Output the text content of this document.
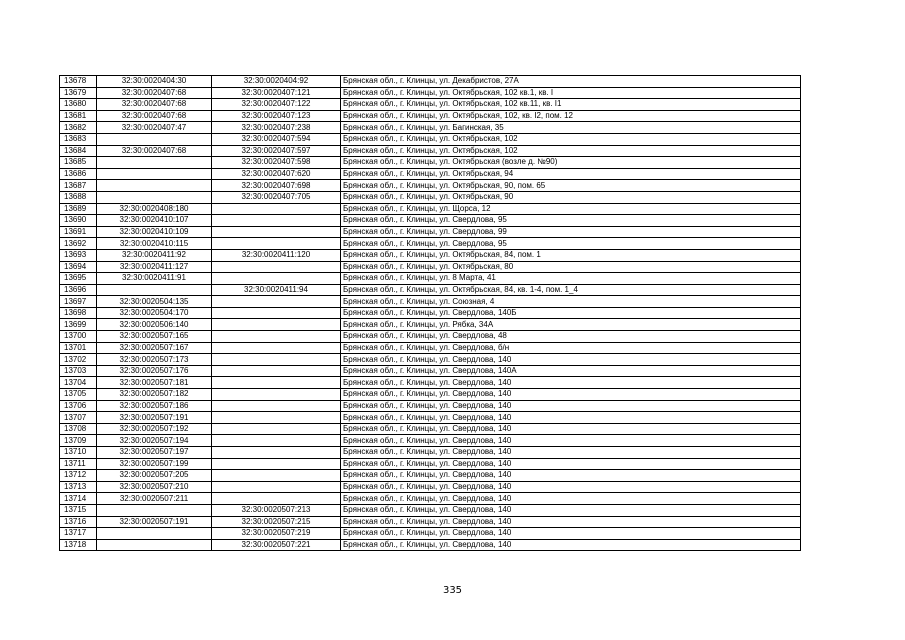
13678	32:30:0020404:30	32:30:0020404:92	Брянская обл., г. Клинцы, ул. Декабристов, 27А
13679	32:30:0020407:68	32:30:0020407:121	Брянская обл., г. Клинцы, ул. Октябрьская, 102 кв.1, кв. I
13680	32:30:0020407:68	32:30:0020407:122	Брянская обл., г. Клинцы, ул. Октябрьская, 102 кв.11, кв. I1
13681	32:30:0020407:68	32:30:0020407:123	Брянская обл., г. Клинцы, ул. Октябрьская, 102, кв. I2, пом. 12
13682	32:30:0020407:47	32:30:0020407:238	Брянская обл., г. Клинцы, ул. Багинская, 35
13683		32:30:0020407:594	Брянская обл., г. Клинцы, ул. Октябрьская, 102
13684	32:30:0020407:68	32:30:0020407:597	Брянская обл., г. Клинцы, ул. Октябрьская, 102
13685		32:30:0020407:598	Брянская обл., г. Клинцы, ул. Октябрьская (возле д. №90)
13686		32:30:0020407:620	Брянская обл., г. Клинцы, ул. Октябрьская, 94
13687		32:30:0020407:698	Брянская обл., г. Клинцы, ул. Октябрьская, 90, пом. 65
13688		32:30:0020407:705	Брянская обл., г. Клинцы, ул. Октябрьская, 90
13689	32:30:0020408:180		Брянская обл., г. Клинцы, ул. Щорса, 12
13690	32:30:0020410:107		Брянская обл., г. Клинцы, ул. Свердлова, 95
13691	32:30:0020410:109		Брянская обл., г. Клинцы, ул. Свердлова, 99
13692	32:30:0020410:115		Брянская обл., г. Клинцы, ул. Свердлова, 95
13693	32:30:0020411:92	32:30:0020411:120	Брянская обл., г. Клинцы, ул. Октябрьская, 84, пом. 1
13694	32:30:0020411:127		Брянская обл., г. Клинцы, ул. Октябрьская, 80
13695	32:30:0020411:91		Брянская обл., г. Клинцы, ул. 8 Марта, 41
13696		32:30:0020411:94	Брянская обл., г. Клинцы, ул. Октябрьская, 84, кв. 1-4, пом. 1_4
13697	32:30:0020504:135		Брянская обл., г. Клинцы, ул. Союзная, 4
13698	32:30:0020504:170		Брянская обл., г. Клинцы, ул. Свердлова, 140Б
13699	32:30:0020506:140		Брянская обл., г. Клинцы, ул. Рябка, 34А
13700	32:30:0020507:165		Брянская обл., г. Клинцы, ул. Свердлова, 48
13701	32:30:0020507:167		Брянская обл., г. Клинцы, ул. Свердлова, б/н
13702	32:30:0020507:173		Брянская обл., г. Клинцы, ул. Свердлова, 140
13703	32:30:0020507:176		Брянская обл., г. Клинцы, ул. Свердлова, 140А
13704	32:30:0020507:181		Брянская обл., г. Клинцы, ул. Свердлова, 140
13705	32:30:0020507:182		Брянская обл., г. Клинцы, ул. Свердлова, 140
13706	32:30:0020507:186		Брянская обл., г. Клинцы, ул. Свердлова, 140
13707	32:30:0020507:191		Брянская обл., г. Клинцы, ул. Свердлова, 140
13708	32:30:0020507:192		Брянская обл., г. Клинцы, ул. Свердлова, 140
13709	32:30:0020507:194		Брянская обл., г. Клинцы, ул. Свердлова, 140
13710	32:30:0020507:197		Брянская обл., г. Клинцы, ул. Свердлова, 140
13711	32:30:0020507:199		Брянская обл., г. Клинцы, ул. Свердлова, 140
13712	32:30:0020507:205		Брянская обл., г. Клинцы, ул. Свердлова, 140
13713	32:30:0020507:210		Брянская обл., г. Клинцы, ул. Свердлова, 140
13714	32:30:0020507:211		Брянская обл., г. Клинцы, ул. Свердлова, 140
13715		32:30:0020507:213	Брянская обл., г. Клинцы, ул. Свердлова, 140
13716	32:30:0020507:191	32:30:0020507:215	Брянская обл., г. Клинцы, ул. Свердлова, 140
13717		32:30:0020507:219	Брянская обл., г. Клинцы, ул. Свердлова, 140
13718		32:30:0020507:221	Брянская обл., г. Клинцы, ул. Свердлова, 140
335
